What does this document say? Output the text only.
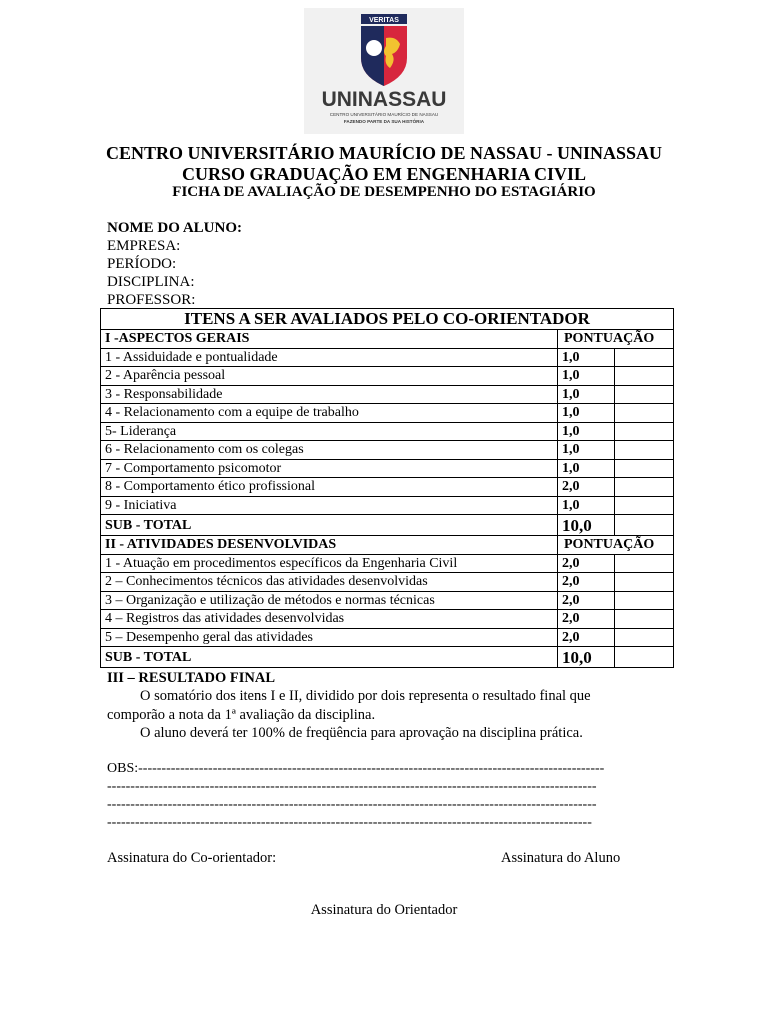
VERITAS
UNINASSAU
CENTRO UNIVERSITÁRIO MAURÍCIO DE NASSAU
FAZENDO PARTE DA SUA HISTÓRIA
CENTRO UNIVERSITÁRIO MAURÍCIO DE NASSAU - UNINASSAU
CURSO GRADUAÇÃO EM ENGENHARIA CIVIL
FICHA DE AVALIAÇÃO DE DESEMPENHO DO ESTAGIÁRIO
NOME DO ALUNO:
EMPRESA:
PERÍODO:
DISCIPLINA:
PROFESSOR:
ITENS A SER AVALIADOS PELO CO-ORIENTADOR		
I -ASPECTOS GERAIS	PONTUAÇÃO	
1 - Assiduidade e pontualidade	1,0	
2 - Aparência pessoal	1,0	
3 - Responsabilidade	1,0	
4 - Relacionamento com a equipe de trabalho	1,0	
5- Liderança	1,0	
6 - Relacionamento com os colegas	1,0	
7 - Comportamento psicomotor	1,0	
8 - Comportamento ético profissional	2,0	
9 - Iniciativa	1,0	
SUB - TOTAL	10,0	
II - ATIVIDADES DESENVOLVIDAS	PONTUAÇÃO	
1 - Atuação em procedimentos específicos da Engenharia Civil	2,0	
2 – Conhecimentos técnicos das atividades desenvolvidas	2,0	
3 – Organização e utilização de métodos e normas técnicas	2,0	
4 – Registros das atividades desenvolvidas	2,0	
5 – Desempenho geral das atividades	2,0	
SUB - TOTAL	10,0	
III – RESULTADO FINAL
O somatório dos itens I e II, dividido por dois representa o resultado final que
comporão a nota da 1ª avaliação da disciplina.
O aluno deverá ter 100% de freqüência para aprovação na disciplina prática.
OBS:----------------------------------------------------------------------------------------------------
---------------------------------------------------------------------------------------------------------
---------------------------------------------------------------------------------------------------------
--------------------------------------------------------------------------------------------------------
Assinatura do Co-orientador:	Assinatura do Aluno
Assinatura do Orientador
